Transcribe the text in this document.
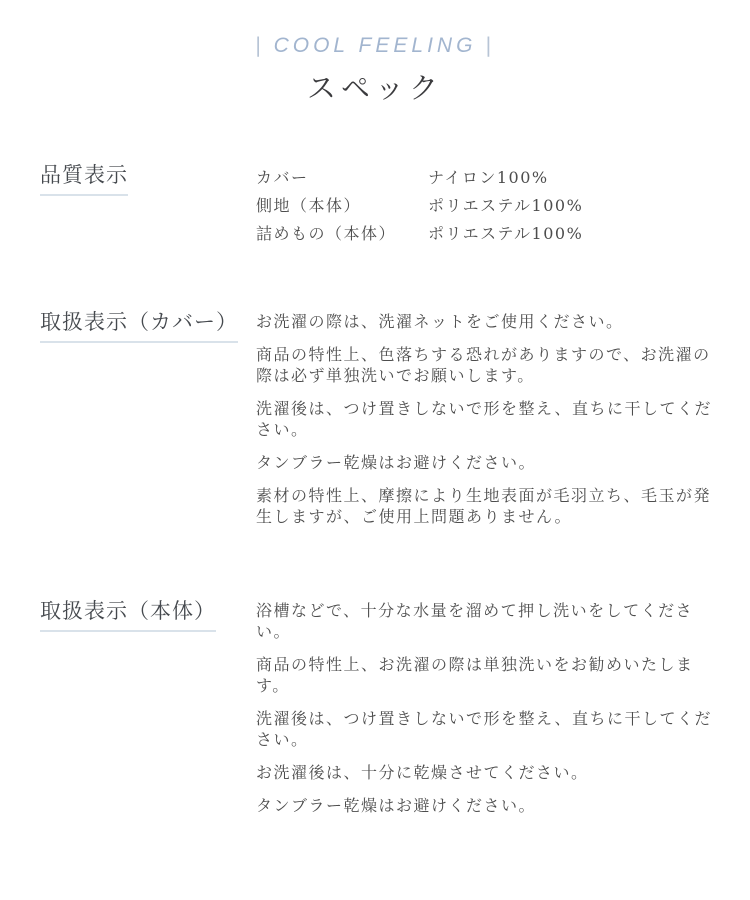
| COOL FEELING |
スペック
品質表示	カバー	ナイロン100%
側地（本体）	ポリエステル100%
詰めもの（本体）	ポリエステル100%
取扱表示（カバー）	お洗濯の際は、洗濯ネットをご使用ください。

商品の特性上、色落ちする恐れがありますので、お洗濯の際は必ず単独洗いでお願いします。

洗濯後は、つけ置きしないで形を整え、直ちに干してください。

タンブラー乾燥はお避けください。

素材の特性上、摩擦により生地表面が毛羽立ち、毛玉が発生しますが、ご使用上問題ありません。

取扱表示（本体）	浴槽などで、十分な水量を溜めて押し洗いをしてください。

商品の特性上、お洗濯の際は単独洗いをお勧めいたします。

洗濯後は、つけ置きしないで形を整え、直ちに干してください。

お洗濯後は、十分に乾燥させてください。

タンブラー乾燥はお避けください。
